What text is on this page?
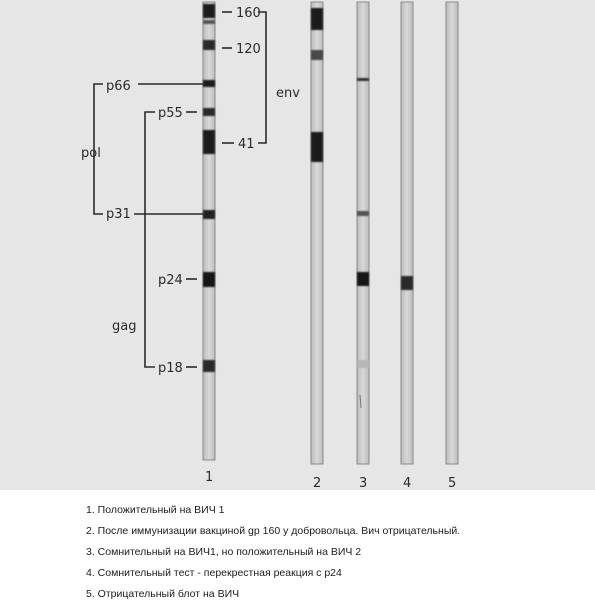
160
120
41
env
p66
p55
p31
p24
p18
pol
gag
1	2	3	4	5
1. Положительный на ВИЧ 1
2. После иммунизации вакциной gp 160 у добровольца. Вич отрицательный.
3. Сомнительный на ВИЧ1, но положительный на ВИЧ 2
4. Сомнительный тест - перекрестная реакция с р24
5. Отрицательный блот на ВИЧ
